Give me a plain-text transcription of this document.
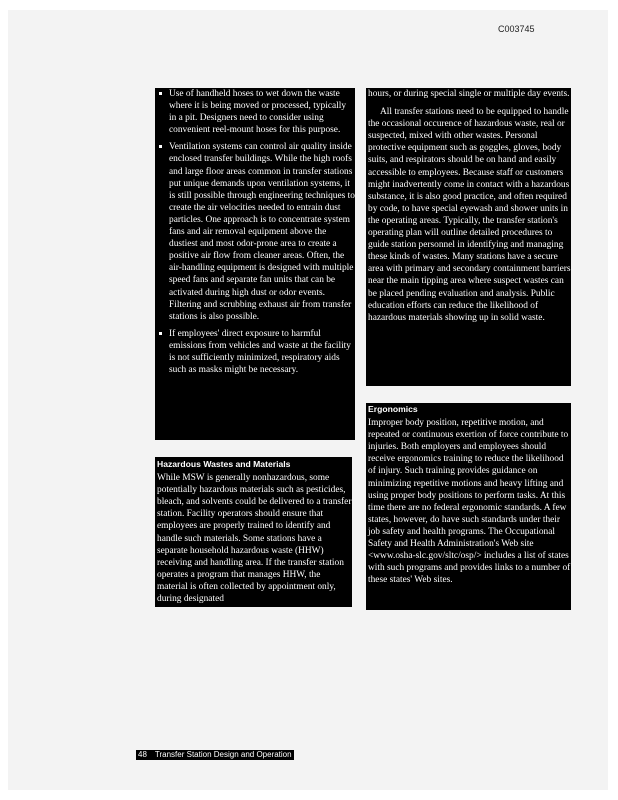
C003745
Use of handheld hoses to wet down the waste where it is being moved or processed, typically in a pit. Designers need to consider using convenient reel-mount hoses for this purpose.
Ventilation systems can control air quality inside enclosed transfer buildings. While the high roofs and large floor areas common in transfer stations put unique demands upon ventilation systems, it is still possible through engineering techniques to create the air velocities needed to entrain dust particles. One approach is to concentrate system fans and air removal equipment above the dustiest and most odor-prone area to create a positive air flow from cleaner areas. Often, the air-handling equipment is designed with multiple speed fans and separate fan units that can be activated during high dust or odor events. Filtering and scrubbing exhaust air from transfer stations is also possible.
If employees' direct exposure to harmful emissions from vehicles and waste at the facility is not sufficiently minimized, respiratory aids such as masks might be necessary.
Hazardous Wastes and Materials

While MSW is generally nonhazardous, some potentially hazardous materials such as pesticides, bleach, and solvents could be delivered to a transfer station. Facility operators should ensure that employees are properly trained to identify and handle such materials. Some stations have a separate household hazardous waste (HHW) receiving and handling area. If the transfer station operates a program that manages HHW, the material is often collected by appointment only, during designated

hours, or during special single or multiple day events.

All transfer stations need to be equipped to handle the occasional occurence of hazardous waste, real or suspected, mixed with other wastes. Personal protective equipment such as goggles, gloves, body suits, and respirators should be on hand and easily accessible to employees. Because staff or customers might inadvertently come in contact with a hazardous substance, it is also good practice, and often required by code, to have special eyewash and shower units in the operating areas. Typically, the transfer station's operating plan will outline detailed procedures to guide station personnel in identifying and managing these kinds of wastes. Many stations have a secure area with primary and secondary containment barriers near the main tipping area where suspect wastes can be placed pending evaluation and analysis. Public education efforts can reduce the likelihood of hazardous materials showing up in solid waste.

Ergonomics

Improper body position, repetitive motion, and repeated or continuous exertion of force contribute to injuries. Both employers and employees should receive ergonomics training to reduce the likelihood of injury. Such training provides guidance on minimizing repetitive motions and heavy lifting and using proper body positions to perform tasks. At this time there are no federal ergonomic standards. A few states, however, do have such standards under their job safety and health programs. The Occupational Safety and Health Administration's Web site <www.osha-slc.gov/sltc/osp/> includes a list of states with such programs and provides links to a number of these states' Web sites.

48 Transfer Station Design and Operation
